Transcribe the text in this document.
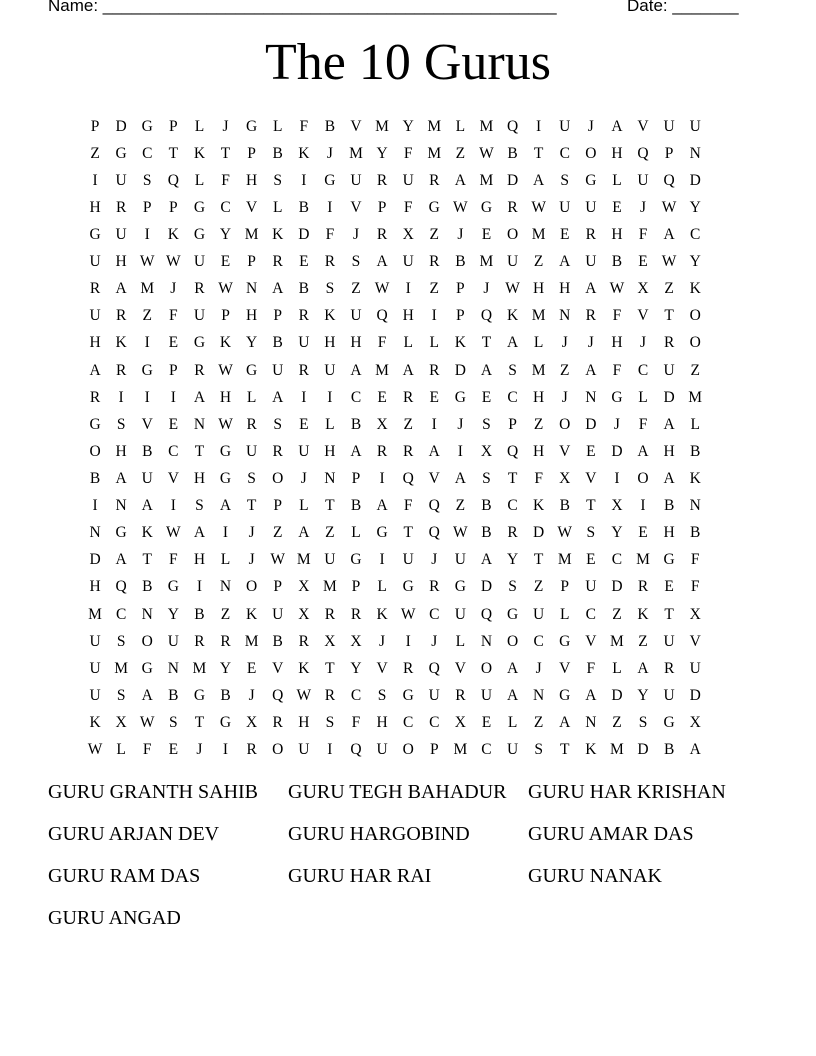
Name: ________________________________________________	Date: _______
The 10 Gurus
P	D G	P	L	J	G	L	F	B V M Y M L M Q	I	U	J	A V U U
Z	G C	T	K	T	P	B K	J	M Y	F M Z W B	T	C O H Q	P	N
I	U	S	Q	L	F	H	S	I	G U R U R A M D A	S	G	L	U Q D
H R	P	P	G C V	L	B	I	V	P	F	G W G R W U U	E	J	W Y
G U	I	K G Y M K D	F	J	R X	Z	J	E	O M E	R H	F	A C
U H W W U	E	P	R	E	R	S	A U R	B M U	Z	A U B	E W Y
R A M	J	R W N A B	S	Z W	I	Z	P	J	W H H A W X	Z	K
U R	Z	F	U	P	H	P	R K U Q H	I	P	Q K M N R	F	V	T	O
H K	I	E	G K Y B U H H	F	L	L	K	T	A	L	J	J	H	J	R O
A R G	P	R W G U R U A M A R D A	S M Z	A	F	C U	Z
R	I	I	I	A H	L	A	I	I	C	E	R	E	G	E	C H	J	N G	L	D M
G	S	V	E	N W R	S	E	L	B X	Z	I	J	S	P	Z	O D	J	F	A	L
O H B	C	T	G U R U H A R	R A	I	X Q H V	E	D A H B
B A U V H G	S	O	J	N	P	I	Q V A	S	T	F	X V	I	O A K
I	N A	I	S	A	T	P	L	T	B A	F	Q	Z	B	C K B	T	X	I	B N
N G K W A	I	J	Z	A	Z	L	G	T	Q W B	R D W S	Y	E	H B
D A	T	F	H	L	J	W M U G	I	U	J	U A Y	T M E	C M G	F
H Q B G	I	N O	P	X M P	L	G R G D	S	Z	P	U D R	E	F
M C N Y B	Z	K U X R	R K W C U Q G U	L	C	Z	K	T	X
U	S	O U R	R M B	R X X	J	I	J	L	N O C G V M Z	U V
U M G N M Y	E	V K	T	Y V R Q V O A	J	V	F	L	A R U
U	S	A B G B	J	Q W R	C	S	G U R U A N G A D Y U D
K X W S	T	G X R H	S	F	H C	C X	E	L	Z	A N	Z	S	G X
W L	F	E	J	I	R O U	I	Q U O	P M C U	S	T	K M D B A
GURU GRANTH SAHIB	GURU TEGH BAHADUR	GURU HAR KRISHAN
GURU ARJAN DEV	GURU HARGOBIND	GURU AMAR DAS
GURU RAM DAS	GURU HAR RAI	GURU NANAK
GURU ANGAD
